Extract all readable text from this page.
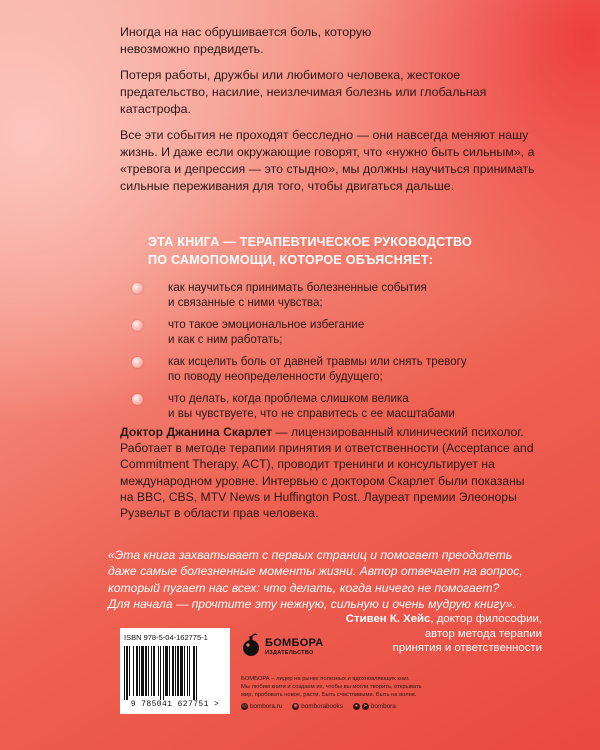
Иногда на нас обрушивается боль, которую невозможно предвидеть.

Потеря работы, дружбы или любимого человека, жестокое предательство, насилие, неизлечимая болезнь или глобальная катастрофа.

Все эти события не проходят бесследно — они навсегда меняют нашу жизнь. И даже если окружающие говорят, что «нужно быть сильным», а «тревога и депрессия — это стыдно», мы должны научиться принимать сильные переживания для того, чтобы двигаться дальше.

ЭТА КНИГА — ТЕРАПЕВТИЧЕСКОЕ РУКОВОДСТВО
ПО САМОПОМОЩИ, КОТОРОЕ ОБЪЯСНЯЕТ:
как научиться принимать болезненные события
и связанные с ними чувства;
что такое эмоциональное избегание
и как с ним работать;
как исцелить боль от давней травмы или снять тревогу
по поводу неопределенности будущего;
что делать, когда проблема слишком велика
и вы чувствуете, что не справитесь с ее масштабами
Доктор Джанина Скарлет — лицензированный клинический психолог. Работает в методе терапии принятия и ответственности (Acceptance and Commitment Therapy, ACT), проводит тренинги и консультирует на международном уровне. Интервью с доктором Скарлет были показаны на BBC, CBS, MTV News и Huffington Post. Лауреат премии Элеоноры Рузвельт в области прав человека.
«Эта книга захватывает с первых страниц и помогает преодолеть
даже самые болезненные моменты жизни. Автор отвечает на вопрос,
который пугает нас всех: что делать, когда ничего не помогает?
Для начала — прочтите эту нежную, сильную и очень мудрую книгу».
Стивен К. Хейс, доктор философии,
автор метода терапии
принятия и ответственности
ISBN 978-5-04-162775-1
9 785041 627751 >
БОМБОРА
ИЗДАТЕЛЬСТВО
БОМБОРА – лидер на рынке полезных и вдохновляющих книг.
Мы любим книги и создаем их, чтобы вы могли творить, открывать
мир, пробовать новое, расти. Быть счастливыми. Быть на волне.
◎ bombora.ru ◉ bomborabooks	●	➤ bombora
